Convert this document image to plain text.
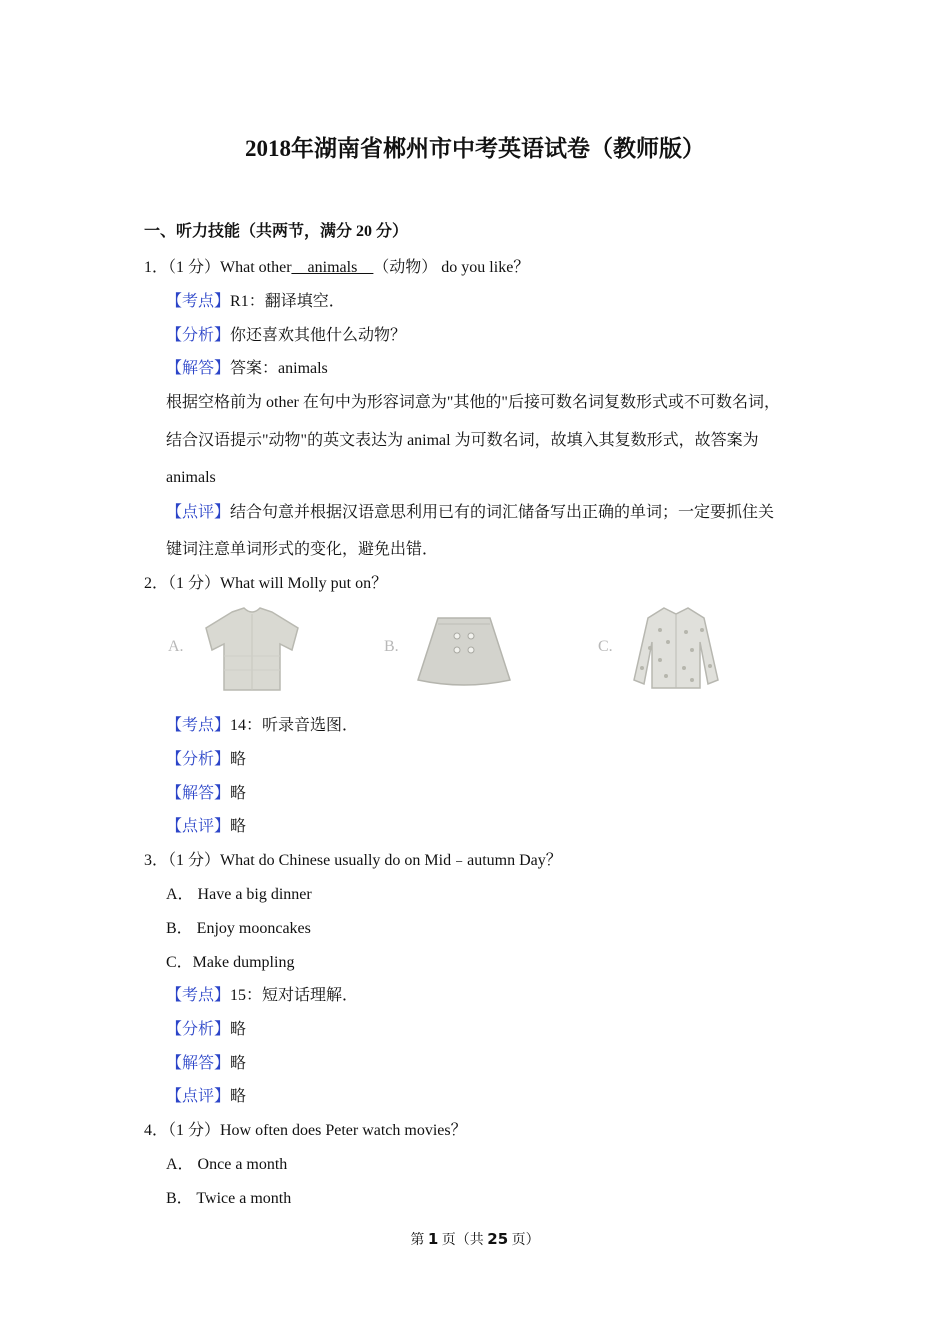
2018年湖南省郴州市中考英语试卷（教师版）
一、听力技能（共两节，满分 20 分）
1．（1 分）What other__animals__（动物） do you like？
【考点】R1：翻译填空．
【分析】你还喜欢其他什么动物？
【解答】答案：animals
根据空格前为 other 在句中为形容词意为"其他的"后接可数名词复数形式或不可数名词，
结合汉语提示"动物"的英文表达为 animal 为可数名词，故填入其复数形式，故答案为
animals
【点评】结合句意并根据汉语意思利用已有的词汇储备写出正确的单词；一定要抓住关
键词注意单词形式的变化，避免出错．
2．（1 分）What will Molly put on？
A.	B.	C.
【考点】14：听录音选图．
【分析】略
【解答】略
【点评】略
3．（1 分）What do Chinese usually do on Mid﹣autumn Day？
A． Have a big dinner
B． Enjoy mooncakes
C．Make dumpling
【考点】15：短对话理解．
【分析】略
【解答】略
【点评】略
4．（1 分）How often does Peter watch movies？
A． Once a month
B． Twice a month
第 1 页（共 25 页）
